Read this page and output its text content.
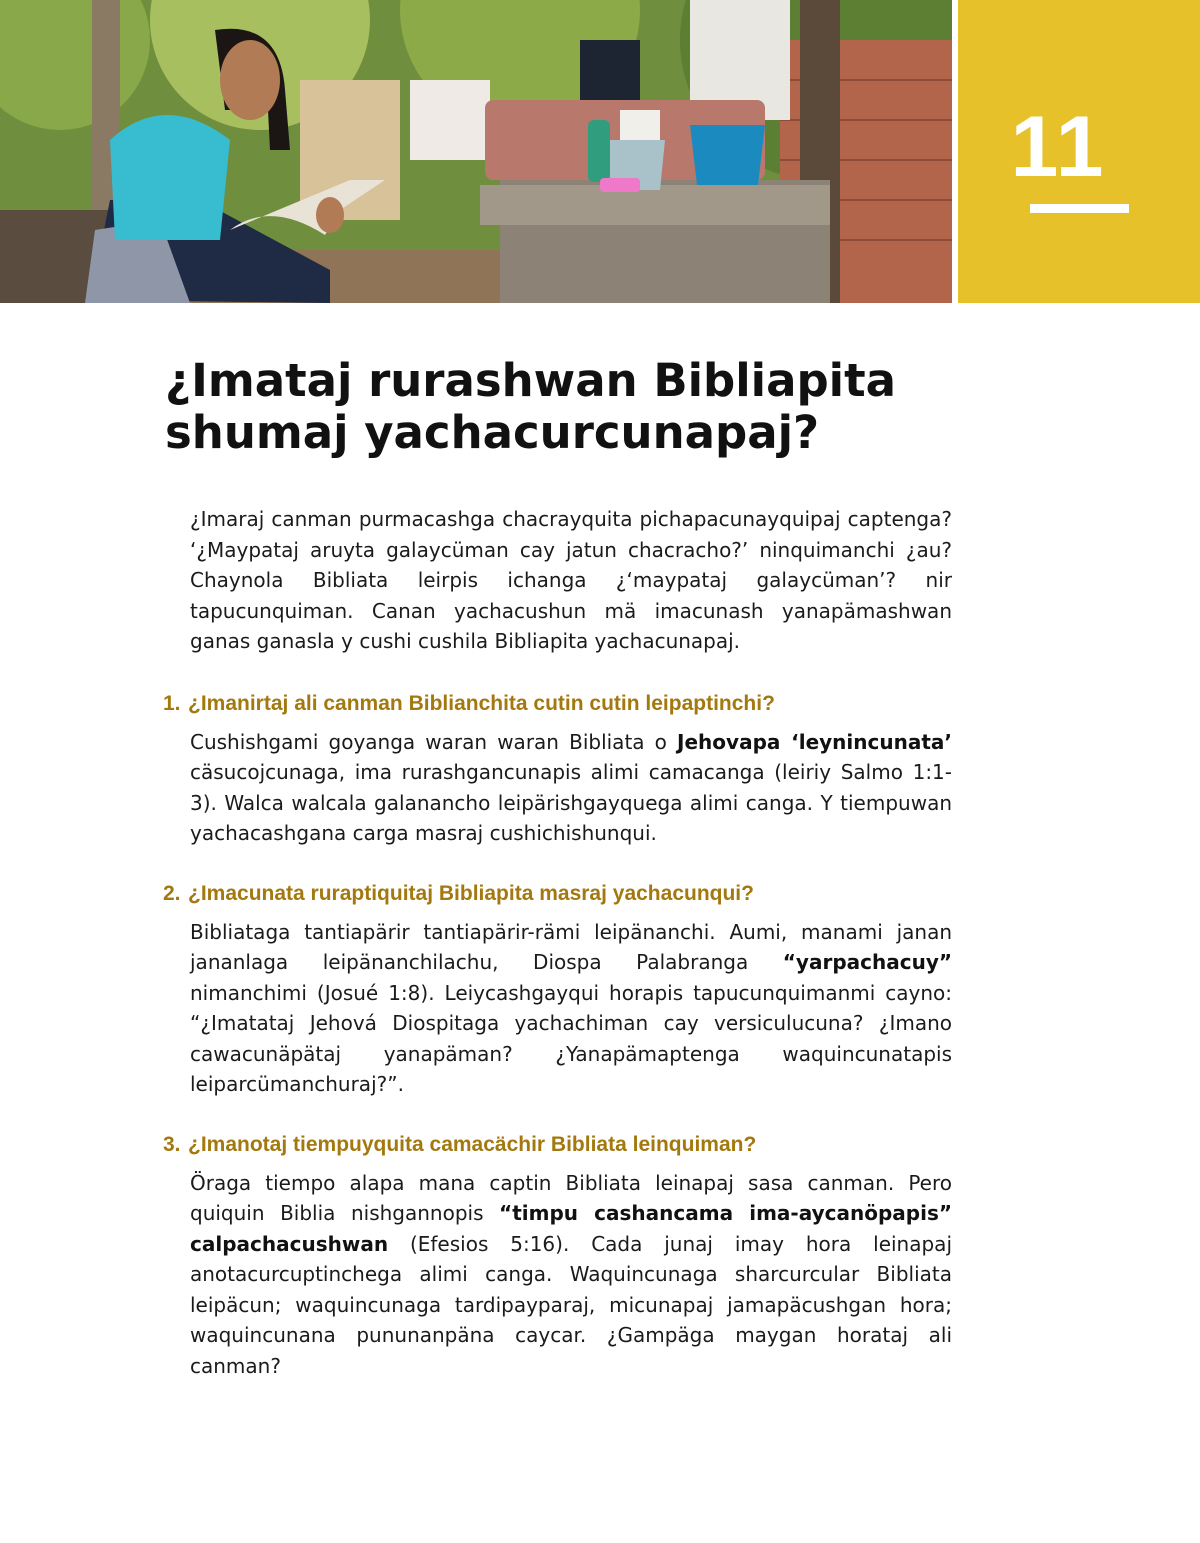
11
¿Imataj rurashwan Bibliapita
shumaj yachacurcunapaj?

¿Imaraj canman purmacashga chacrayquita pichapacunayquipaj captenga? ‘¿Maypataj aruyta galaycüman cay jatun chacracho?’ ninquimanchi ¿au? Chaynola Bibliata leirpis ichanga ¿‘maypataj galaycüman’? nir tapucunquiman. Canan yachacushun mä imacunash yanapämashwan ganas ganasla y cushi cushila Bibliapita yachacunapaj.

1. ¿Imanirtaj ali canman Biblianchita cutin cutin leipaptinchi?

Cushishgami goyanga waran waran Bibliata o Jehovapa ‘leynincunata’ cäsucojcunaga, ima rurashgancunapis alimi camacanga (leiriy Salmo 1:1-3). Walca walcala galanancho leipärishgayquega alimi canga. Y tiempuwan yachacashgana carga masraj cushichishunqui.

2. ¿Imacunata ruraptiquitaj Bibliapita masraj yachacunqui?

Bibliataga tantiapärir tantiapärir-rämi leipänanchi. Aumi, manami janan jananlaga leipänanchilachu, Diospa Palabranga “yarpachacuy” nimanchimi (Josué 1:8). Leiycashgayqui horapis tapucunquimanmi cayno: “¿Imatataj Jehová Diospitaga yachachiman cay versiculucuna? ¿Imano cawacunäpätaj yanapäman? ¿Yanapämaptenga waquincunatapis leiparcümanchuraj?”.

3. ¿Imanotaj tiempuyquita camacächir Bibliata leinquiman?

Öraga tiempo alapa mana captin Bibliata leinapaj sasa canman. Pero quiquin Biblia nishgannopis “timpu cashancama ima-aycanöpapis” calpachacushwan (Efesios 5:16). Cada junaj imay hora leinapaj anotacurcuptinchega alimi canga. Waquincunaga sharcurcular Bibliata leipäcun; waquincunaga tardipayparaj, micunapaj jamapäcushgan hora; waquincunana pununanpäna caycar. ¿Gampäga maygan horataj ali canman?
